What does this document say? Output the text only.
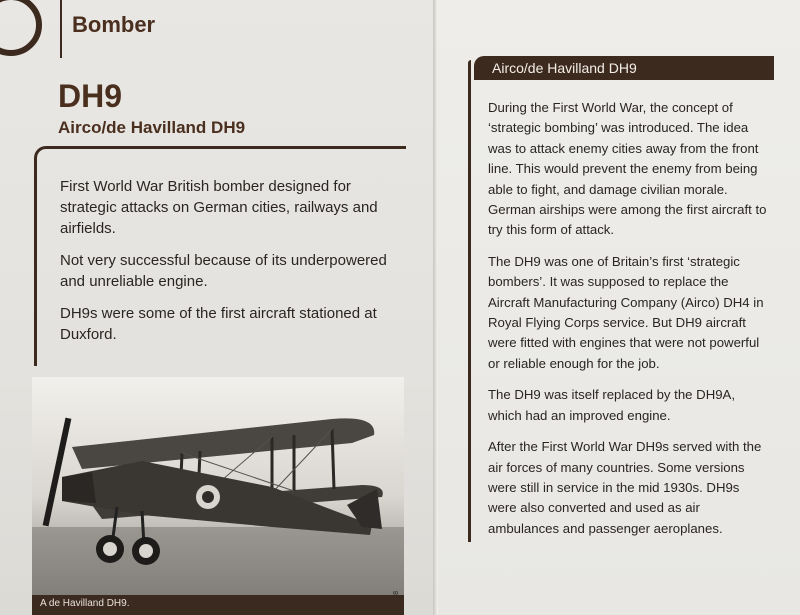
Bomber
DH9
Airco/de Havilland DH9

First World War British bomber designed for strategic attacks on German cities, railways and airfields.

Not very successful because of its underpowered and unreliable engine.

DH9s were some of the first aircraft stationed at Duxford.

A de Havilland DH9.
Airco/de Havilland DH9

During the First World War, the concept of ‘strategic bombing’ was introduced. The idea was to attack enemy cities away from the front line. This would prevent the enemy from being able to fight, and damage civilian morale. German airships were among the first aircraft to try this form of attack.

The DH9 was one of Britain’s first ‘strategic bombers’. It was supposed to replace the Aircraft Manufacturing Company (Airco) DH4 in Royal Flying Corps service. But DH9 aircraft were fitted with engines that were not powerful or reliable enough for the job.

The DH9 was itself replaced by the DH9A, which had an improved engine.

After the First World War DH9s served with the air forces of many countries. Some versions were still in service in the mid 1930s. DH9s were also converted and used as air ambulances and passenger aeroplanes.
